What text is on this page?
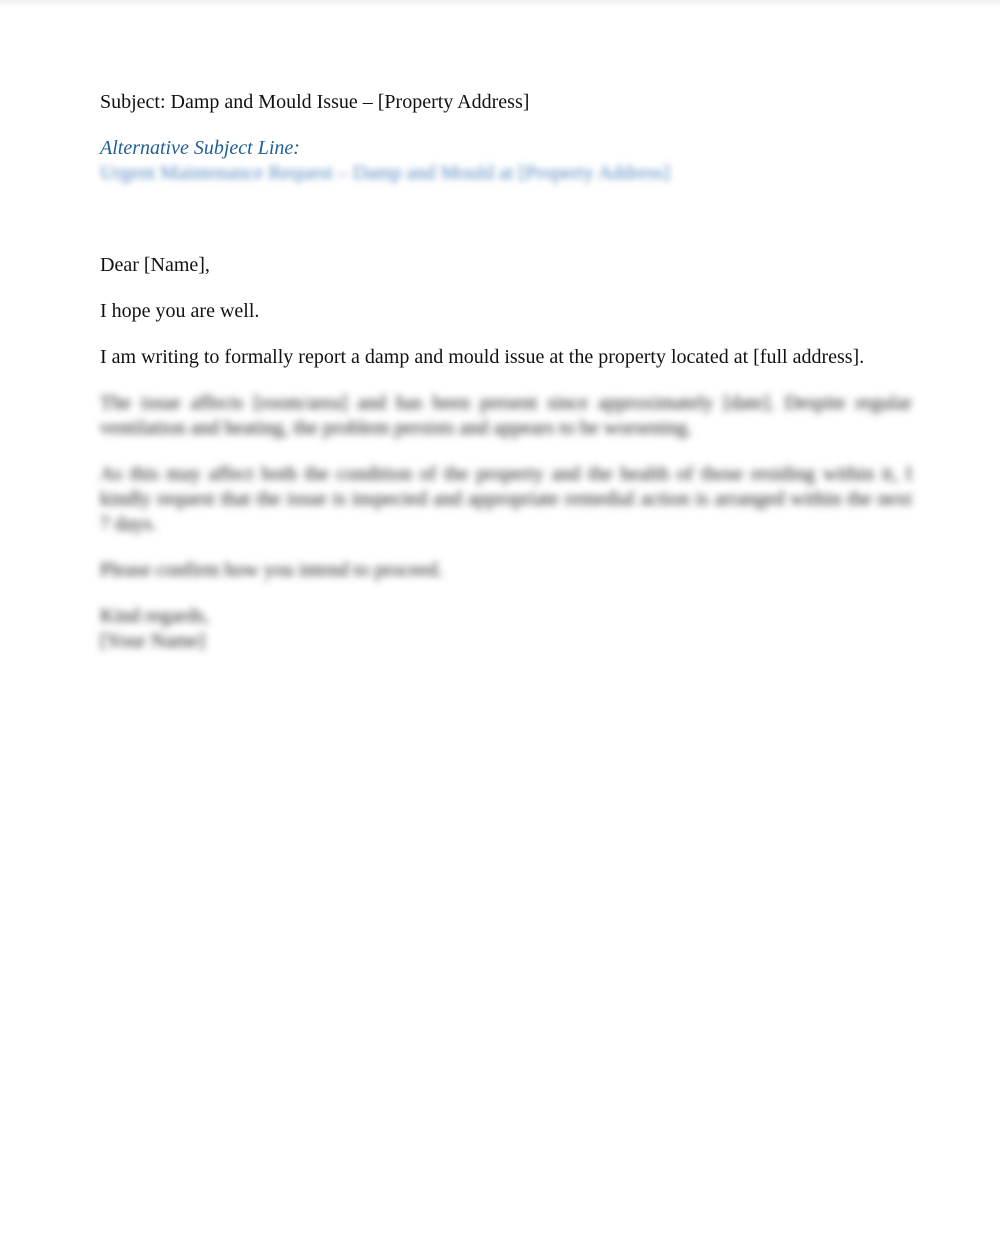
Subject: Damp and Mould Issue – [Property Address]

Alternative Subject Line:

Urgent Maintenance Request – Damp and Mould at [Property Address]

Dear [Name],

I hope you are well.

I am writing to formally report a damp and mould issue at the property located at [full address].

The issue affects [room/area] and has been present since approximately [date]. Despite regular ventilation and heating, the problem persists and appears to be worsening.

As this may affect both the condition of the property and the health of those residing within it, I kindly request that the issue is inspected and appropriate remedial action is arranged within the next 7 days.

Please confirm how you intend to proceed.

Kind regards,

[Your Name]
